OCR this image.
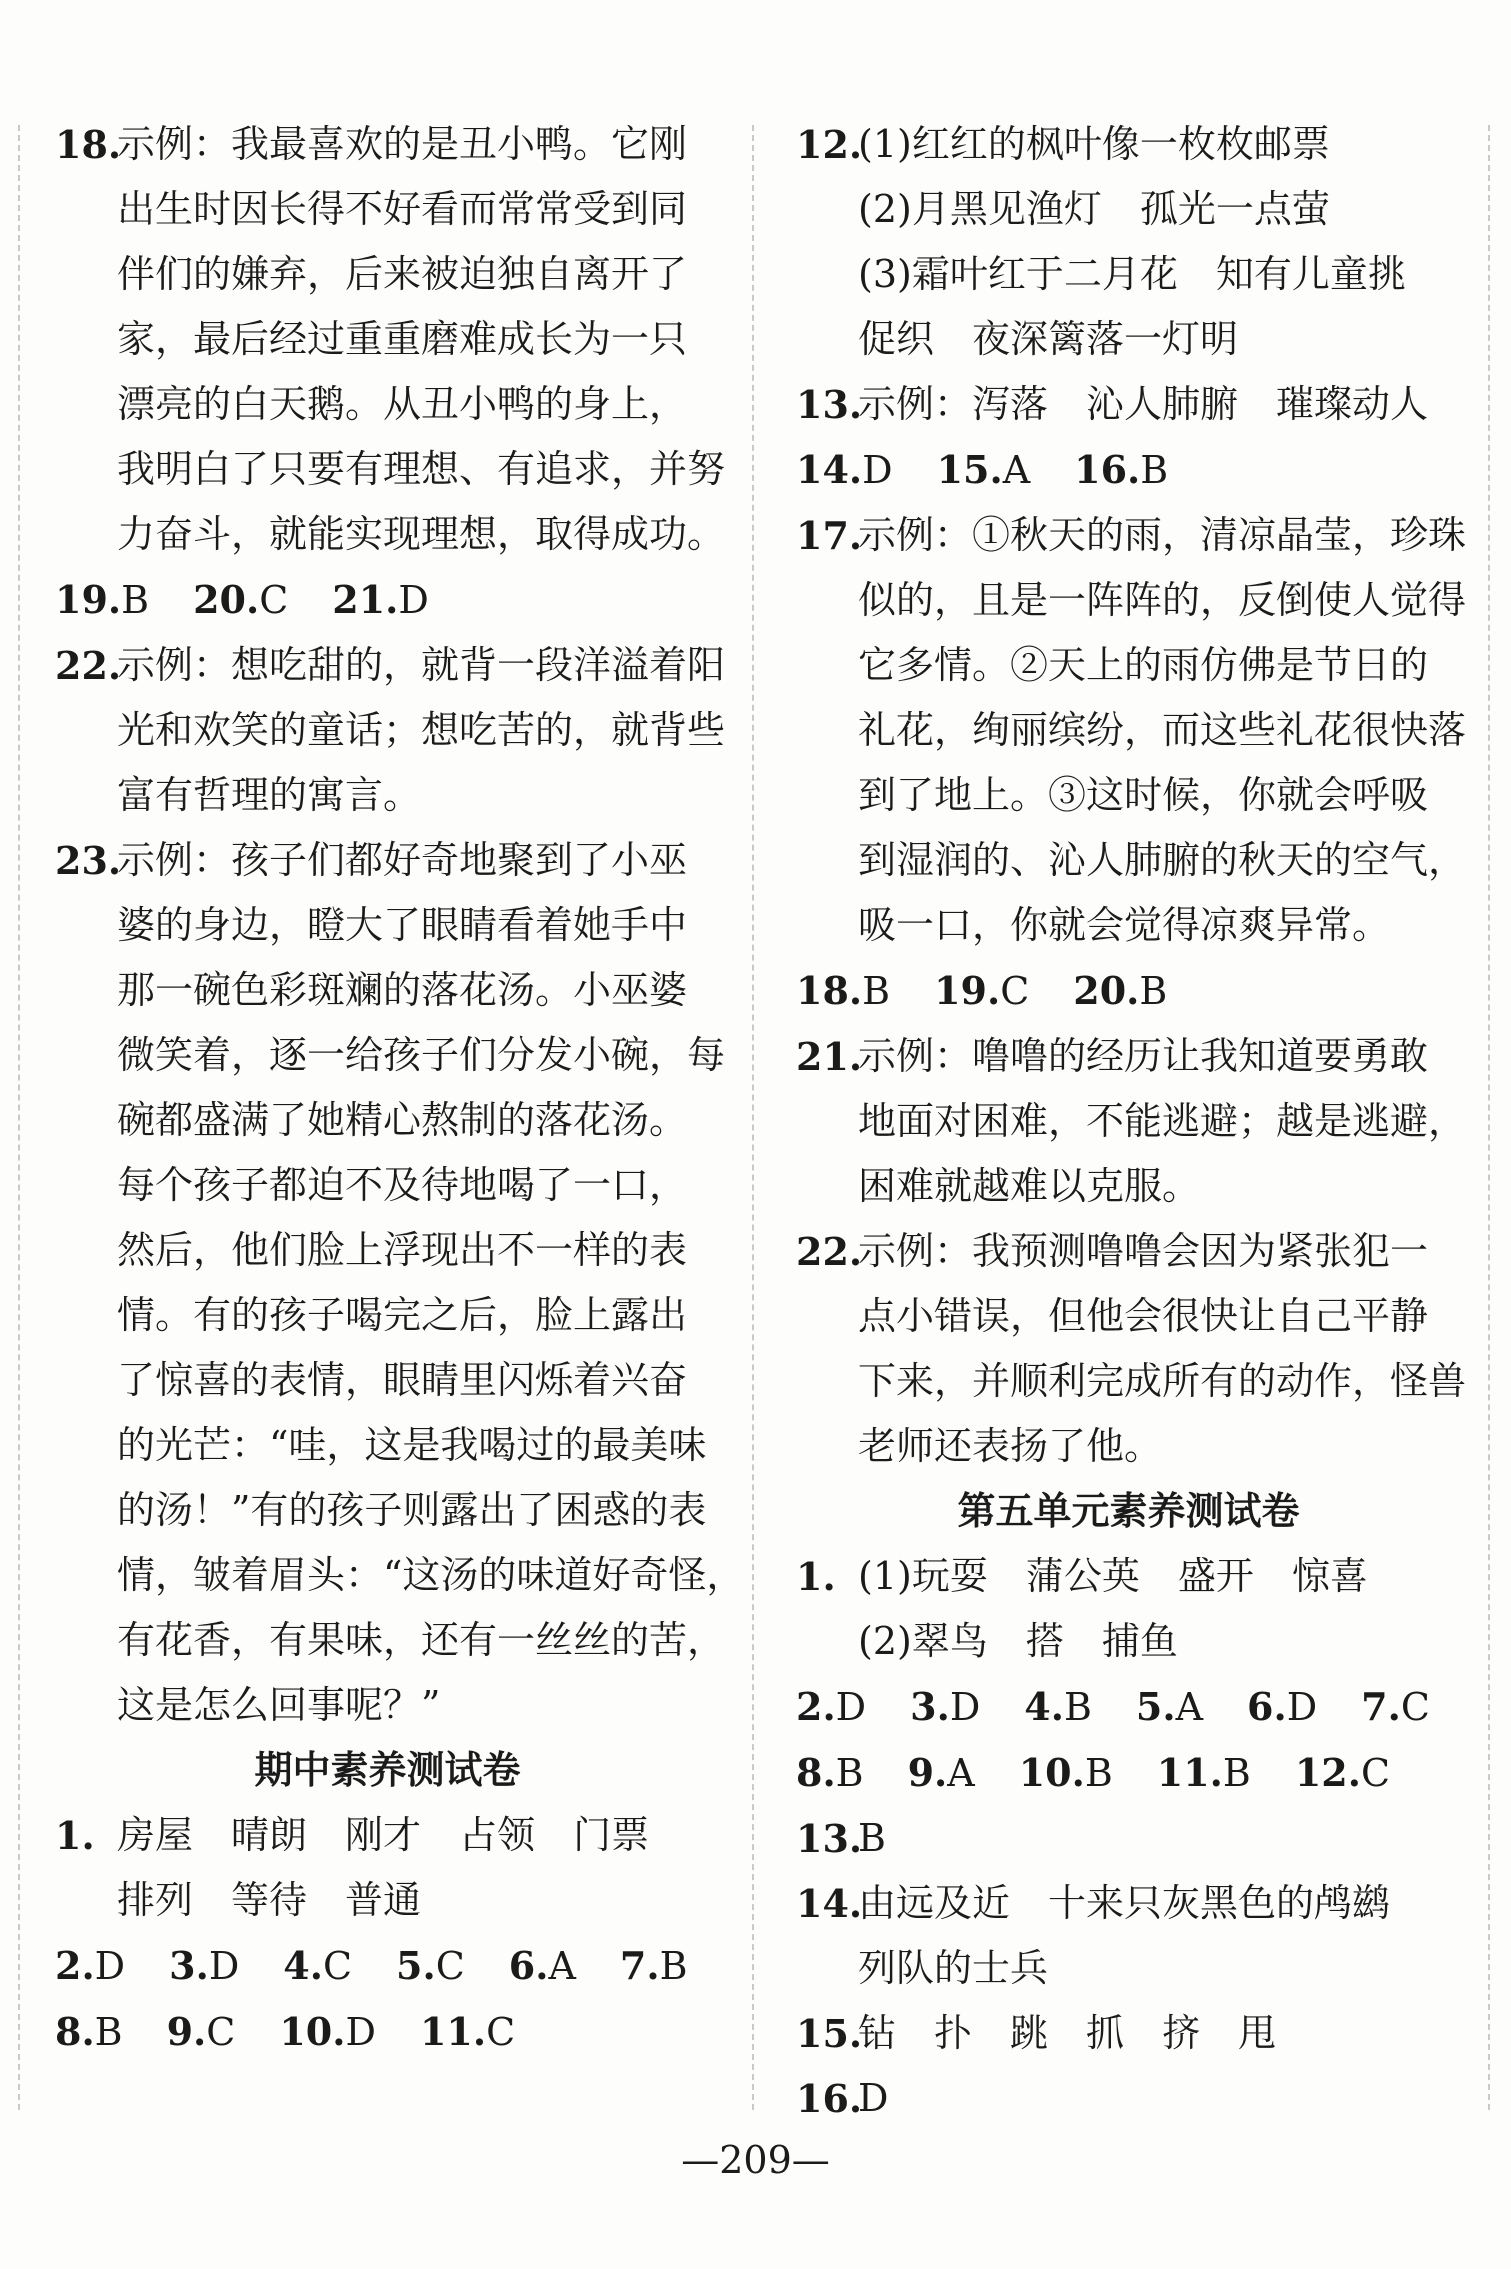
18.
示例：我最喜欢的是丑小鸭。它刚
出生时因长得不好看而常常受到同
伴们的嫌弃，后来被迫独自离开了
家，最后经过重重磨难成长为一只
漂亮的白天鹅。从丑小鸭的身上，
我明白了只要有理想、有追求，并努
力奋斗，就能实现理想，取得成功。
19.B 20.C 21.D
22.
示例：想吃甜的，就背一段洋溢着阳
光和欢笑的童话；想吃苦的，就背些
富有哲理的寓言。
23.
示例：孩子们都好奇地聚到了小巫
婆的身边，瞪大了眼睛看着她手中
那一碗色彩斑斓的落花汤。小巫婆
微笑着，逐一给孩子们分发小碗，每
碗都盛满了她精心熬制的落花汤。
每个孩子都迫不及待地喝了一口，
然后，他们脸上浮现出不一样的表
情。有的孩子喝完之后，脸上露出
了惊喜的表情，眼睛里闪烁着兴奋
的光芒：“哇，这是我喝过的最美味
的汤！”有的孩子则露出了困惑的表
情，皱着眉头：“这汤的味道好奇怪，
有花香，有果味，还有一丝丝的苦，
这是怎么回事呢？”
期中素养测试卷
1. 房屋 晴朗 刚才 占领 门票
排列 等待 普通
2.D 3.D 4.C 5.C 6.A 7.B
8.B 9.C 10.D 11.C
12.
(1)红红的枫叶像一枚枚邮票
(2)月黑见渔灯　孤光一点萤
(3)霜叶红于二月花　知有儿童挑
促织　夜深篱落一灯明
13.
示例：泻落　沁人肺腑　璀璨动人
14.D 15.A 16.B
17.
示例：①秋天的雨，清凉晶莹，珍珠
似的，且是一阵阵的，反倒使人觉得
它多情。②天上的雨仿佛是节日的
礼花，绚丽缤纷，而这些礼花很快落
到了地上。③这时候，你就会呼吸
到湿润的、沁人肺腑的秋天的空气，
吸一口，你就会觉得凉爽异常。
18.B 19.C 20.B
21.
示例：噜噜的经历让我知道要勇敢
地面对困难，不能逃避；越是逃避，
困难就越难以克服。
22.
示例：我预测噜噜会因为紧张犯一
点小错误，但他会很快让自己平静
下来，并顺利完成所有的动作，怪兽
老师还表扬了他。
第五单元素养测试卷
1. (1)玩耍 蒲公英 盛开 惊喜
(2)翠鸟 搭 捕鱼
2.D 3.D 4.B 5.A 6.D 7.C
8.B 9.A 10.B 11.B 12.C
13.
B
14.
由远及近　十来只灰黑色的鸬鹚
列队的士兵
15.
钻 扑 跳 抓 挤 甩
16.
D
—209—
